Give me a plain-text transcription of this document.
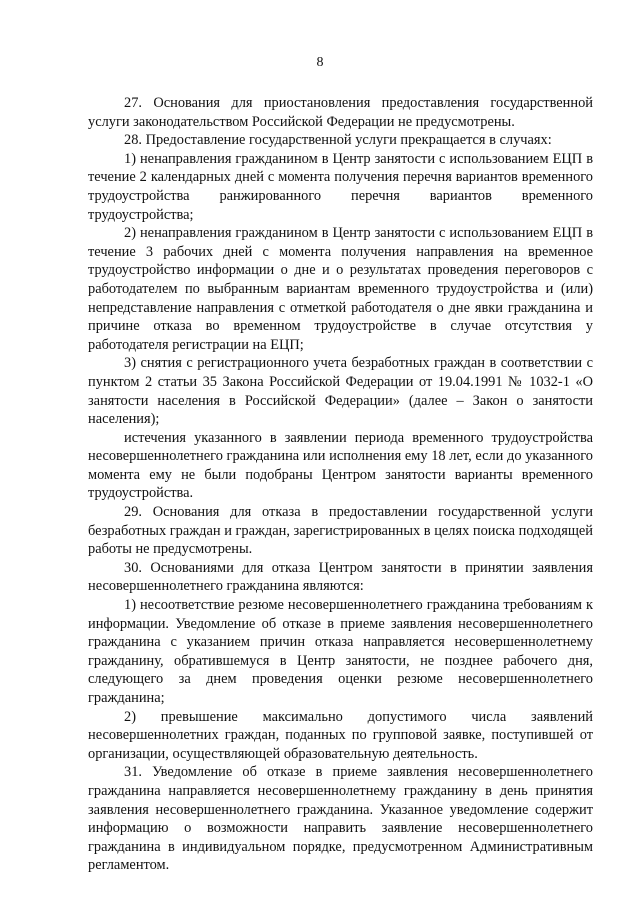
8

27. Основания для приостановления предоставления государственной услуги законодательством Российской Федерации не предусмотрены.

28. Предоставление государственной услуги прекращается в случаях:

1) ненаправления гражданином в Центр занятости с использованием ЕЦП в течение 2 календарных дней с момента получения перечня вариантов временного трудоустройства ранжированного перечня вариантов временного трудоустройства;

2) ненаправления гражданином в Центр занятости с использованием ЕЦП в течение 3 рабочих дней с момента получения направления на временное трудоустройство информации о дне и о результатах проведения переговоров с работодателем по выбранным вариантам временного трудоустройства и (или) непредставление направления с отметкой работодателя о дне явки гражданина и причине отказа во временном трудоустройстве в случае отсутствия у работодателя регистрации на ЕЦП;

3) снятия с регистрационного учета безработных граждан в соответствии с пунктом 2 статьи 35 Закона Российской Федерации от 19.04.1991 № 1032-1 «О занятости населения в Российской Федерации» (далее – Закон о занятости населения);

истечения указанного в заявлении периода временного трудоустройства несовершеннолетнего гражданина или исполнения ему 18 лет, если до указанного момента ему не были подобраны Центром занятости варианты временного трудоустройства.

29. Основания для отказа в предоставлении государственной услуги безработных граждан и граждан, зарегистрированных в целях поиска подходящей работы не предусмотрены.

30. Основаниями для отказа Центром занятости в принятии заявления несовершеннолетнего гражданина являются:

1) несоответствие резюме несовершеннолетнего гражданина требованиям к информации. Уведомление об отказе в приеме заявления несовершеннолетнего гражданина с указанием причин отказа направляется несовершеннолетнему гражданину, обратившемуся в Центр занятости, не позднее рабочего дня, следующего за днем проведения оценки резюме несовершеннолетнего гражданина;

2) превышение максимально допустимого числа заявлений несовершеннолетних граждан, поданных по групповой заявке, поступившей от организации, осуществляющей образовательную деятельность.

31. Уведомление об отказе в приеме заявления несовершеннолетнего гражданина направляется несовершеннолетнему гражданину в день принятия заявления несовершеннолетнего гражданина. Указанное уведомление содержит информацию о возможности направить заявление несовершеннолетнего гражданина в индивидуальном порядке, предусмотренном Административным регламентом.
